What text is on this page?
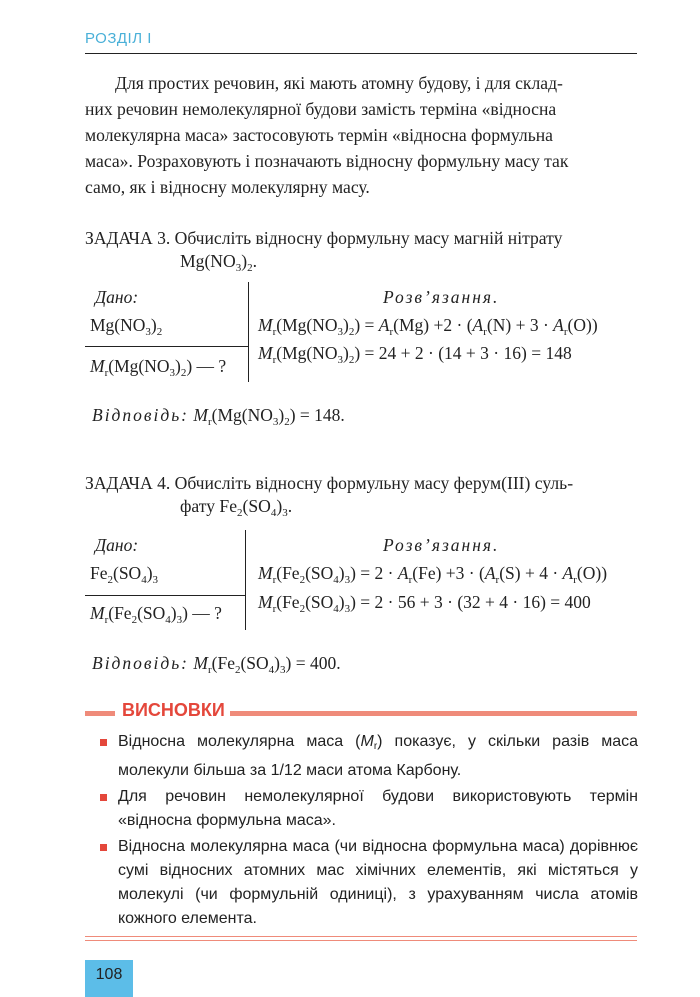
РОЗДІЛ І
Для простих речовин, які мають атомну будову, і для склад-
них речовин немолекулярної будови замість терміна «відносна
молекулярна маса» застосовують термін «відносна формульна
маса». Розраховують і позначають відносну формульну масу так
само, як і відносну молекулярну масу.
ЗАДАЧА 3. Обчисліть відносну формульну масу магній нітрату
$Mg(NO_3)_2$.
Дано:
$Mg(NO_3)_2$
$M_r(Mg(NO_3)_2)$ — ?
Розв’язання.
$M_r(Mg(NO_3)_2) = A_r(Mg) +2 \cdot (A_r(N) + 3 \cdot A_r(O))$
$M_r(Mg(NO_3)_2) = 24 + 2 \cdot (14 + 3 \cdot 16) = 148$
Відповідь: $M_r(Mg(NO_3)_2) = 148$.
ЗАДАЧА 4. Обчисліть відносну формульну масу ферум(ІІІ) суль-
фату $Fe_2(SO_4)_3$.
Дано:
$Fe_2(SO_4)_3$
$M_r(Fe_2(SO_4)_3)$ — ?
Розв’язання.
$M_r(Fe_2(SO_4)_3) = 2 \cdot A_r(Fe) +3 \cdot (A_r(S) + 4 \cdot A_r(O))$
$M_r(Fe_2(SO_4)_3) = 2 \cdot 56 + 3 \cdot (32 + 4 \cdot 16) = 400$
Відповідь: $M_r(Fe_2(SO_4)_3) = 400$.
ВИСНОВКИ
Відносна молекулярна маса $(M_r)$ показує, у скільки разів маса молекули більша за 1/12 маси атома Карбону.
Для речовин немолекулярної будови використовують термін «відносна формульна маса».
Відносна молекулярна маса (чи відносна формульна маса) дорівнює сумі відносних атомних мас хімічних елементів, які містяться у молекулі (чи формульній одиниці), з урахуванням числа атомів кожного елемента.
108
